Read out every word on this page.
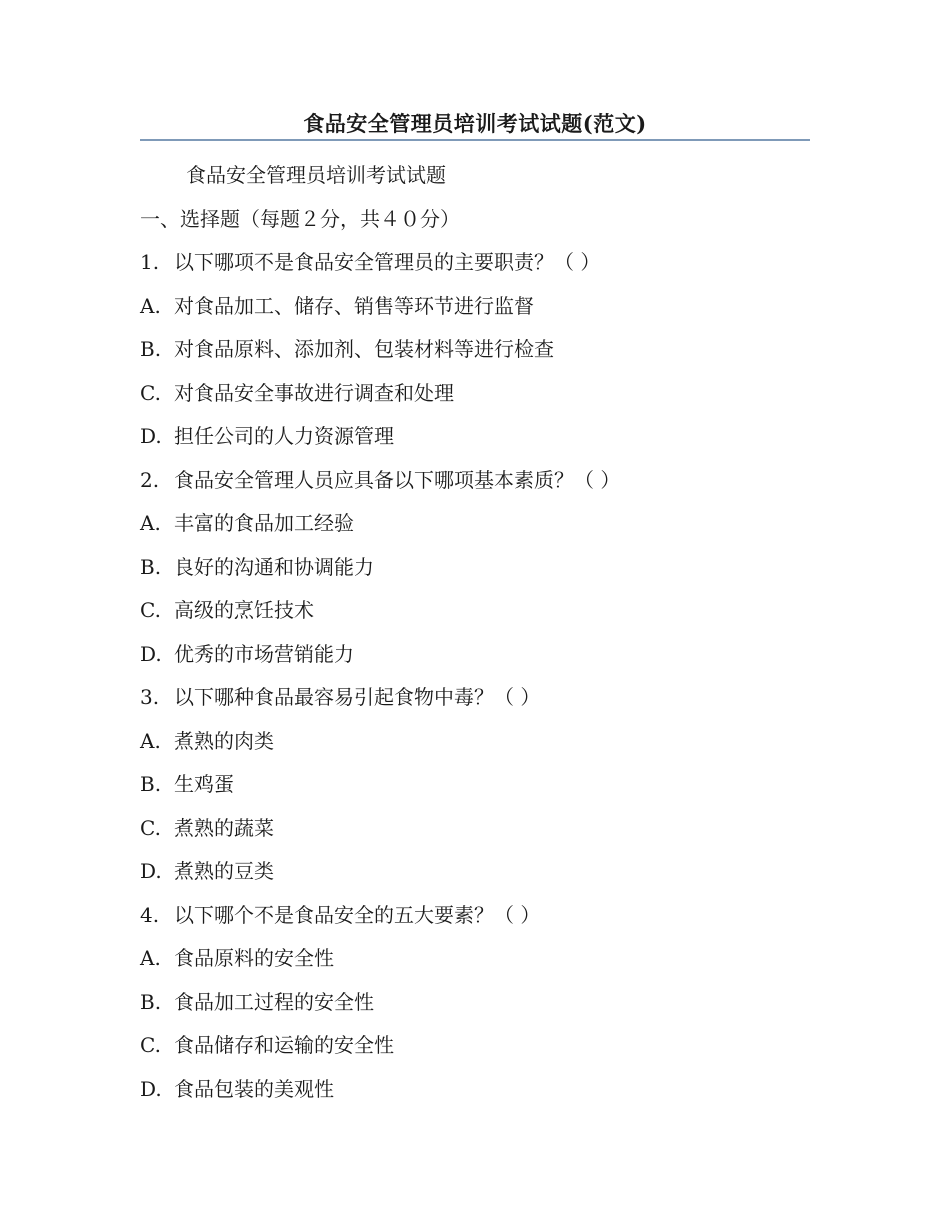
食品安全管理员培训考试试题(范文)
食品安全管理员培训考试试题
一、选择题（每题２分，共４０分）
1. 以下哪项不是食品安全管理员的主要职责？（ ）
A. 对食品加工、储存、销售等环节进行监督
B. 对食品原料、添加剂、包装材料等进行检查
C. 对食品安全事故进行调查和处理
D. 担任公司的人力资源管理
2. 食品安全管理人员应具备以下哪项基本素质？（ ）
A. 丰富的食品加工经验
B. 良好的沟通和协调能力
C. 高级的烹饪技术
D. 优秀的市场营销能力
3. 以下哪种食品最容易引起食物中毒？（ ）
A. 煮熟的肉类
B. 生鸡蛋
C. 煮熟的蔬菜
D. 煮熟的豆类
4. 以下哪个不是食品安全的五大要素？（ ）
A. 食品原料的安全性
B. 食品加工过程的安全性
C. 食品储存和运输的安全性
D. 食品包装的美观性
